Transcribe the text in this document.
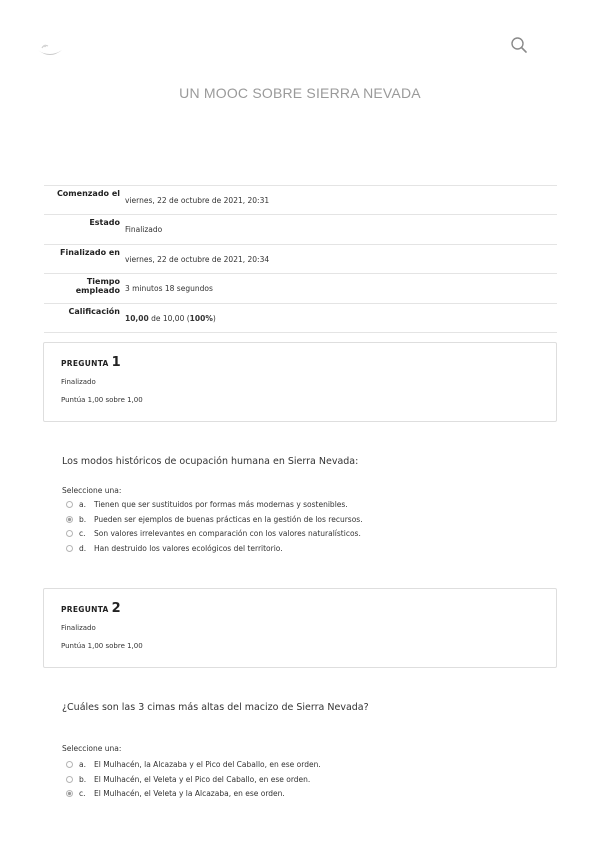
UN MOOC SOBRE SIERRA NEVADA
Comenzado el	viernes, 22 de octubre de 2021, 20:31
Estado	Finalizado
Finalizado en	viernes, 22 de octubre de 2021, 20:34
Tiempo empleado	3 minutos 18 segundos
Calificación	10,00 de 10,00 (100%)
PREGUNTA 1
Finalizado
Puntúa 1,00 sobre 1,00
Los modos históricos de ocupación humana en Sierra Nevada:
Seleccione una:
a.	Tienen que ser sustituidos por formas más modernas y sostenibles.
b.	Pueden ser ejemplos de buenas prácticas en la gestión de los recursos.
c.	Son valores irrelevantes en comparación con los valores naturalísticos.
d.	Han destruido los valores ecológicos del territorio.
PREGUNTA 2
Finalizado
Puntúa 1,00 sobre 1,00
¿Cuáles son las 3 cimas más altas del macizo de Sierra Nevada?
Seleccione una:
a.	El Mulhacén, la Alcazaba y el Pico del Caballo, en ese orden.
b.	El Mulhacén, el Veleta y el Pico del Caballo, en ese orden.
c.	El Mulhacén, el Veleta y la Alcazaba, en ese orden.
